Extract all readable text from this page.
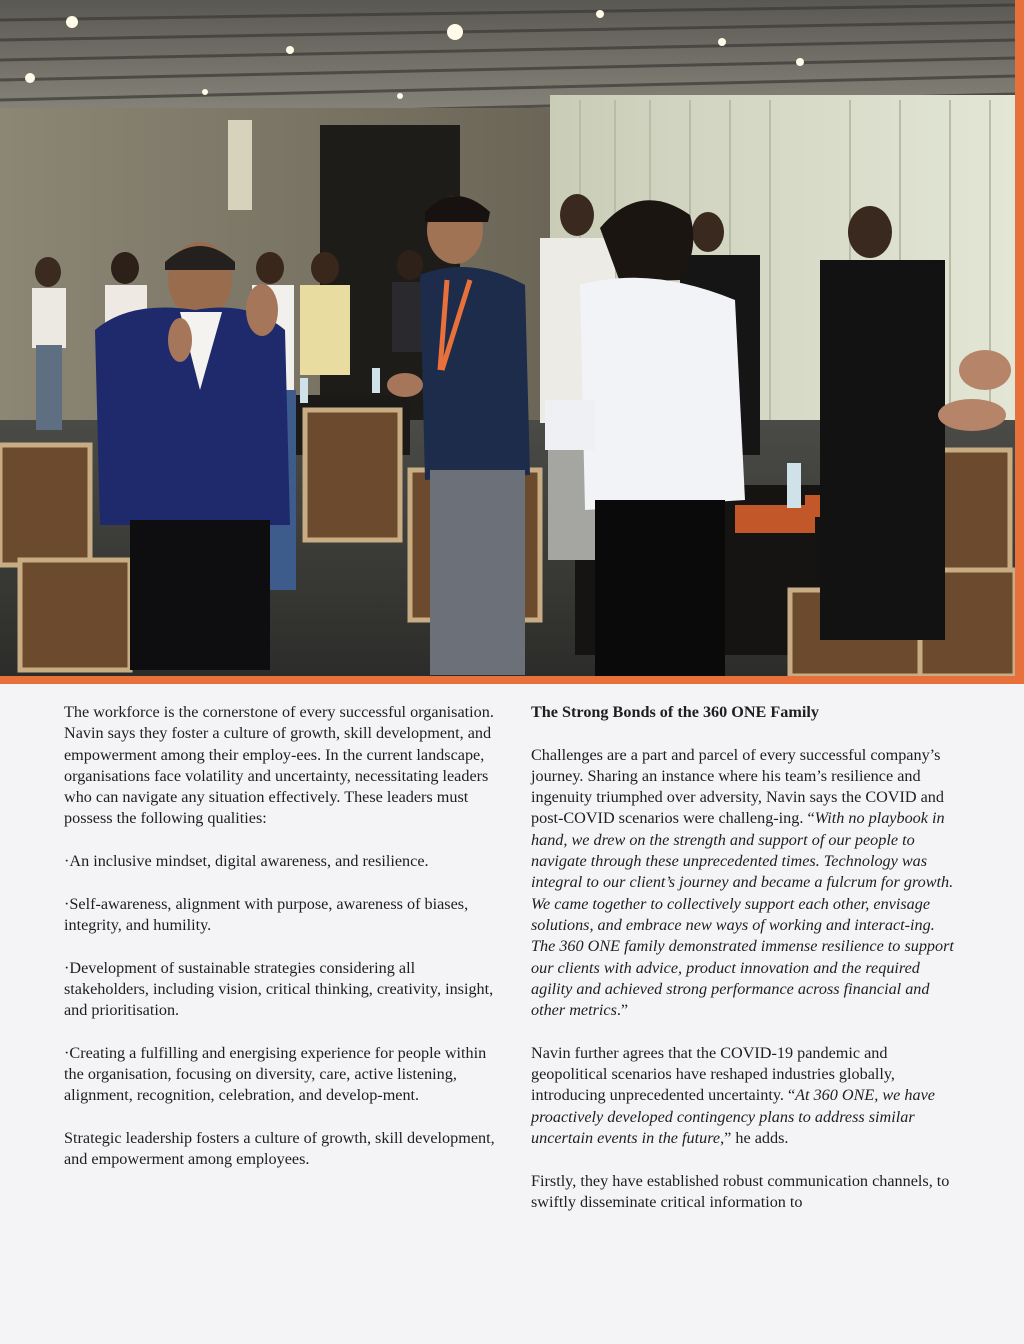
The workforce is the cornerstone of every successful organisation. Navin says they foster a culture of growth, skill development, and empowerment among their employ-ees. In the current landscape, organisations face volatility and uncertainty, necessitating leaders who can navigate any situation effectively. These leaders must possess the following qualities:

·An inclusive mindset, digital awareness, and resilience.

·Self-awareness, alignment with purpose, awareness of biases, integrity, and humility.

·Development of sustainable strategies considering all stakeholders, including vision, critical thinking, creativity, insight, and prioritisation.

·Creating a fulfilling and energising experience for people within the organisation, focusing on diversity, care, active listening, alignment, recognition, celebration, and develop-ment.

Strategic leadership fosters a culture of growth, skill development, and empowerment among employees.

The Strong Bonds of the 360 ONE Family

Challenges are a part and parcel of every successful company’s journey. Sharing an instance where his team’s resilience and ingenuity triumphed over adversity, Navin says the COVID and post-COVID scenarios were challeng-ing. “With no playbook in hand, we drew on the strength and support of our people to navigate through these unprecedented times. Technology was integral to our client’s journey and became a fulcrum for growth. We came together to collectively support each other, envisage solutions, and embrace new ways of working and interact-ing. The 360 ONE family demonstrated immense resilience to support our clients with advice, product innovation and the required agility and achieved strong performance across financial and other metrics.”

Navin further agrees that the COVID-19 pandemic and geopolitical scenarios have reshaped industries globally, introducing unprecedented uncertainty. “At 360 ONE, we have proactively developed contingency plans to address similar uncertain events in the future,” he adds.

Firstly, they have established robust communication channels, to swiftly disseminate critical information to
